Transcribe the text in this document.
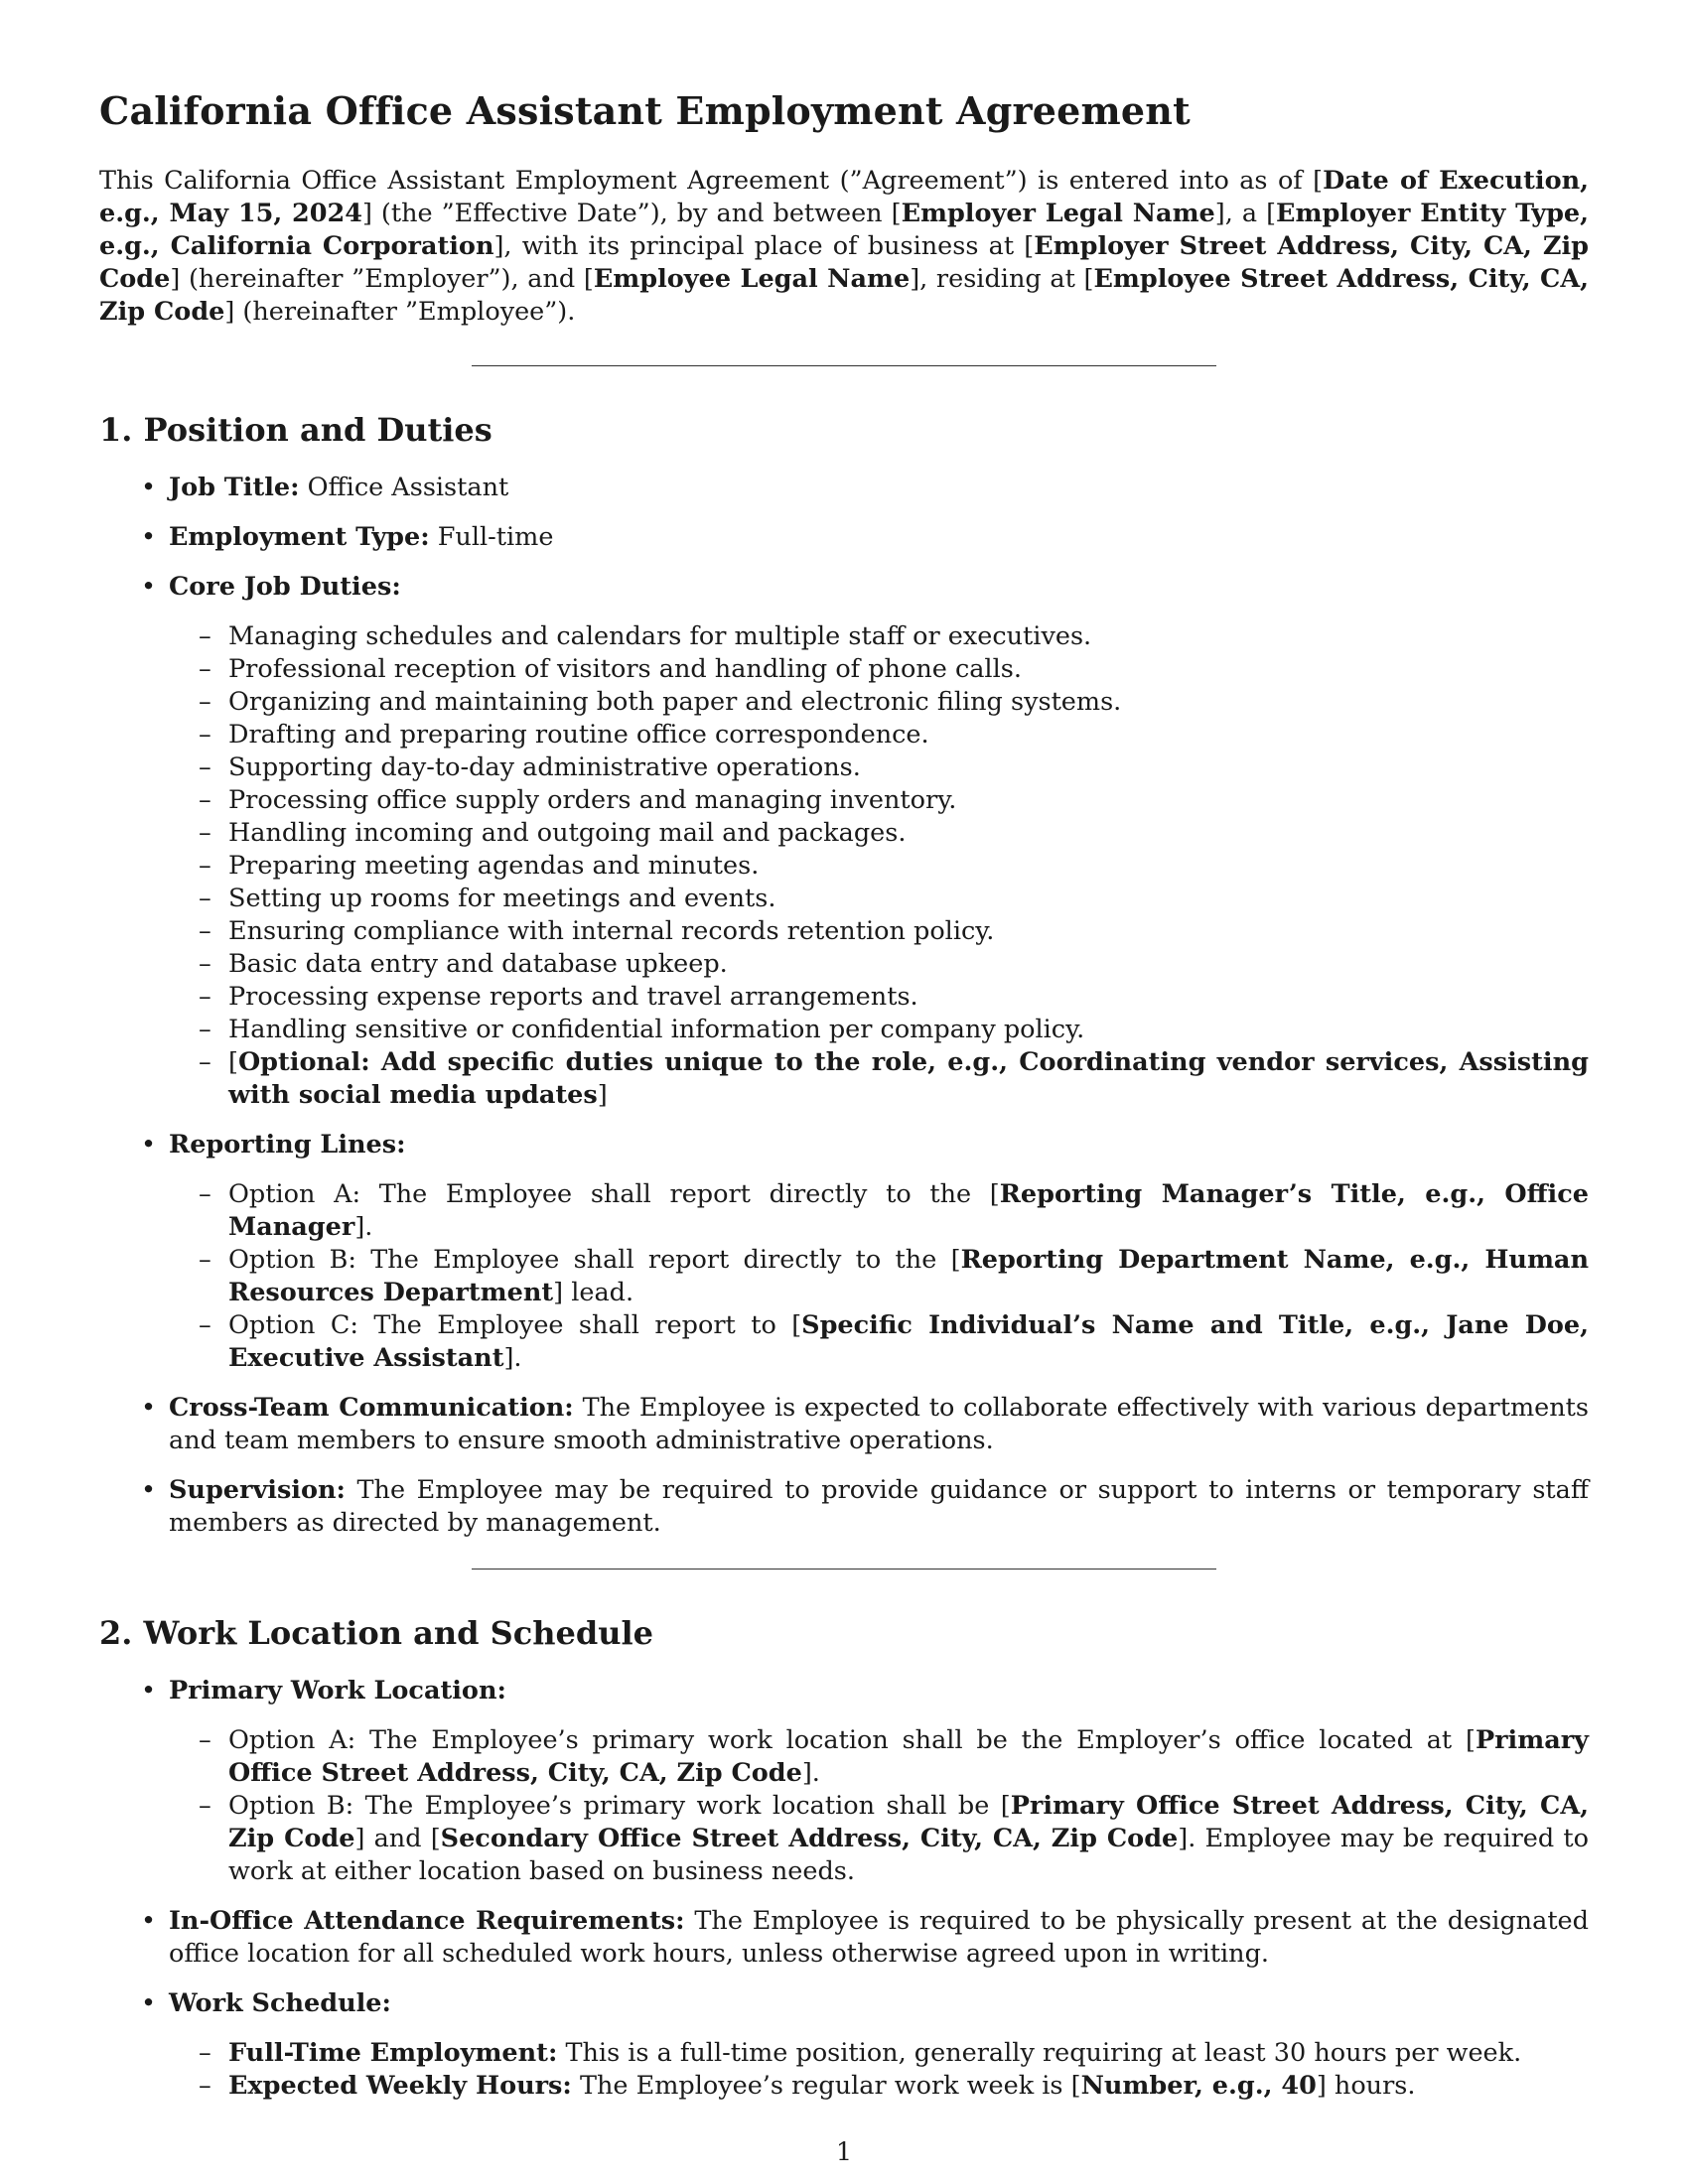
California Office Assistant Employment Agreement

This California Office Assistant Employment Agreement (”Agreement”) is entered into as of [Date of Execution, e.g., May 15, 2024] (the ”Effective Date”), by and between [Employer Legal Name], a [Employer Entity Type, e.g., California Corporation], with its principal place of business at [Employer Street Address, City, CA, Zip Code] (hereinafter ”Employer”), and [Employee Legal Name], residing at [Employee Street Address, City, CA, Zip Code] (hereinafter ”Employee”).

1. Position and Duties
• Job Title: Office Assistant
• Employment Type: Full-time
• Core Job Duties:
– Managing schedules and calendars for multiple staff or executives.
– Professional reception of visitors and handling of phone calls.
– Organizing and maintaining both paper and electronic filing systems.
– Drafting and preparing routine office correspondence.
– Supporting day-to-day administrative operations.
– Processing office supply orders and managing inventory.
– Handling incoming and outgoing mail and packages.
– Preparing meeting agendas and minutes.
– Setting up rooms for meetings and events.
– Ensuring compliance with internal records retention policy.
– Basic data entry and database upkeep.
– Processing expense reports and travel arrangements.
– Handling sensitive or confidential information per company policy.
– [Optional: Add specific duties unique to the role, e.g., Coordinating vendor services, Assisting with social media updates]
• Reporting Lines:
– Option A: The Employee shall report directly to the [Reporting Manager’s Title, e.g., Office Manager].
– Option B: The Employee shall report directly to the [Reporting Department Name, e.g., Human Resources Department] lead.
– Option C: The Employee shall report to [Specific Individual’s Name and Title, e.g., Jane Doe, Executive Assistant].
• Cross-Team Communication: The Employee is expected to collaborate effectively with various departments and team members to ensure smooth administrative operations.
• Supervision: The Employee may be required to provide guidance or support to interns or temporary staff members as directed by management.
2. Work Location and Schedule
• Primary Work Location:
– Option A: The Employee’s primary work location shall be the Employer’s office located at [Primary Office Street Address, City, CA, Zip Code].
– Option B: The Employee’s primary work location shall be [Primary Office Street Address, City, CA, Zip Code] and [Secondary Office Street Address, City, CA, Zip Code]. Employee may be required to work at either location based on business needs.
• In-Office Attendance Requirements: The Employee is required to be physically present at the designated office location for all scheduled work hours, unless otherwise agreed upon in writing.
• Work Schedule:
– Full-Time Employment: This is a full-time position, generally requiring at least 30 hours per week.
– Expected Weekly Hours: The Employee’s regular work week is [Number, e.g., 40] hours.
1
